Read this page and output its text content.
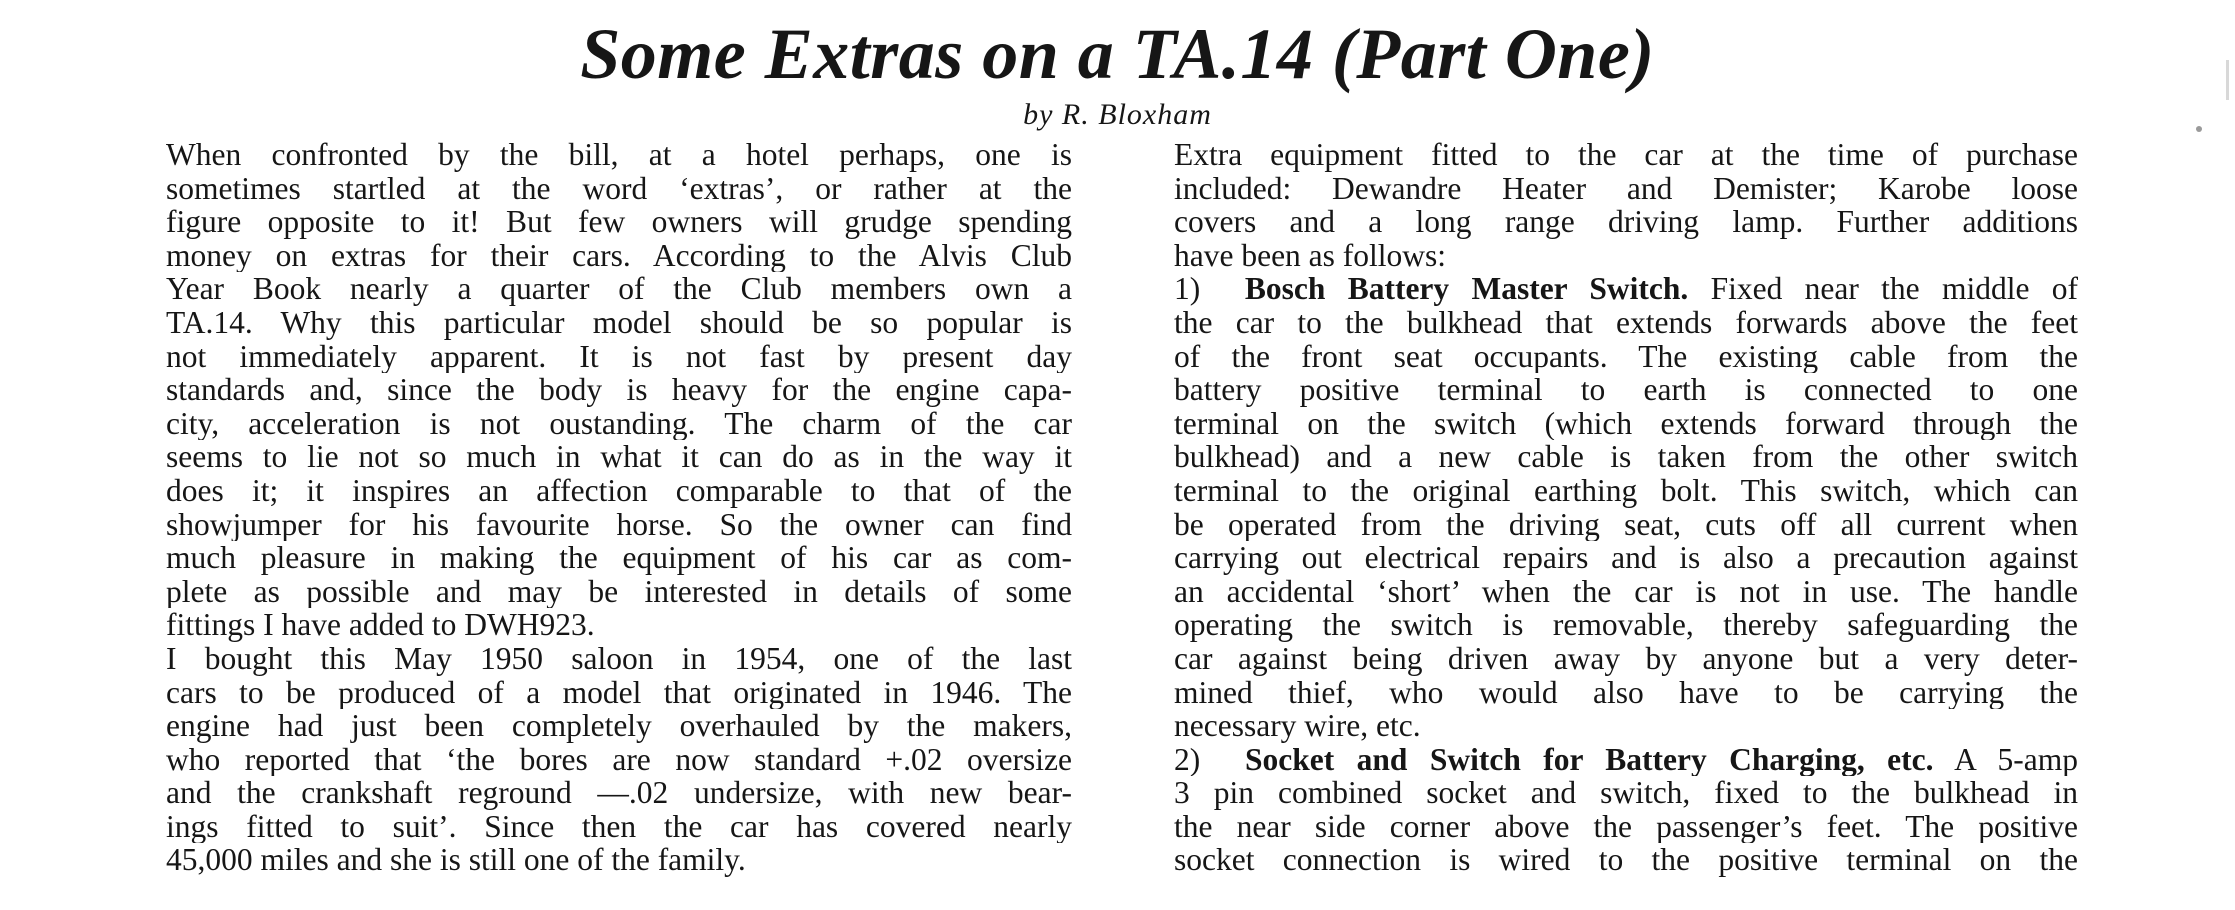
Some Extras on a TA.14 (Part One)
by R. Bloxham

When confronted by the bill, at a hotel perhaps, one is
sometimes startled at the word ‘extras’, or rather at the
figure opposite to it! But few owners will grudge spending
money on extras for their cars. According to the Alvis Club
Year Book nearly a quarter of the Club members own a
TA.14. Why this particular model should be so popular is
not immediately apparent. It is not fast by present day
standards and, since the body is heavy for the engine capa-
city, acceleration is not oustanding. The charm of the car
seems to lie not so much in what it can do as in the way it
does it; it inspires an affection comparable to that of the
showjumper for his favourite horse. So the owner can find
much pleasure in making the equipment of his car as com-
plete as possible and may be interested in details of some
fittings I have added to DWH923.

I bought this May 1950 saloon in 1954, one of the last
cars to be produced of a model that originated in 1946. The
engine had just been completely overhauled by the makers,
who reported that ‘the bores are now standard +.02 oversize
and the crankshaft reground —.02 undersize, with new bear-
ings fitted to suit’. Since then the car has covered nearly
45,000 miles and she is still one of the family.

Extra equipment fitted to the car at the time of purchase
included: Dewandre Heater and Demister; Karobe loose
covers and a long range driving lamp. Further additions
have been as follows:

1) Bosch Battery Master Switch. Fixed near the middle of
the car to the bulkhead that extends forwards above the feet
of the front seat occupants. The existing cable from the
battery positive terminal to earth is connected to one
terminal on the switch (which extends forward through the
bulkhead) and a new cable is taken from the other switch
terminal to the original earthing bolt. This switch, which can
be operated from the driving seat, cuts off all current when
carrying out electrical repairs and is also a precaution against
an accidental ‘short’ when the car is not in use. The handle
operating the switch is removable, thereby safeguarding the
car against being driven away by anyone but a very deter-
mined thief, who would also have to be carrying the
necessary wire, etc.

2) Socket and Switch for Battery Charging, etc. A 5-amp
3 pin combined socket and switch, fixed to the bulkhead in
the near side corner above the passenger’s feet. The positive
socket connection is wired to the positive terminal on the
